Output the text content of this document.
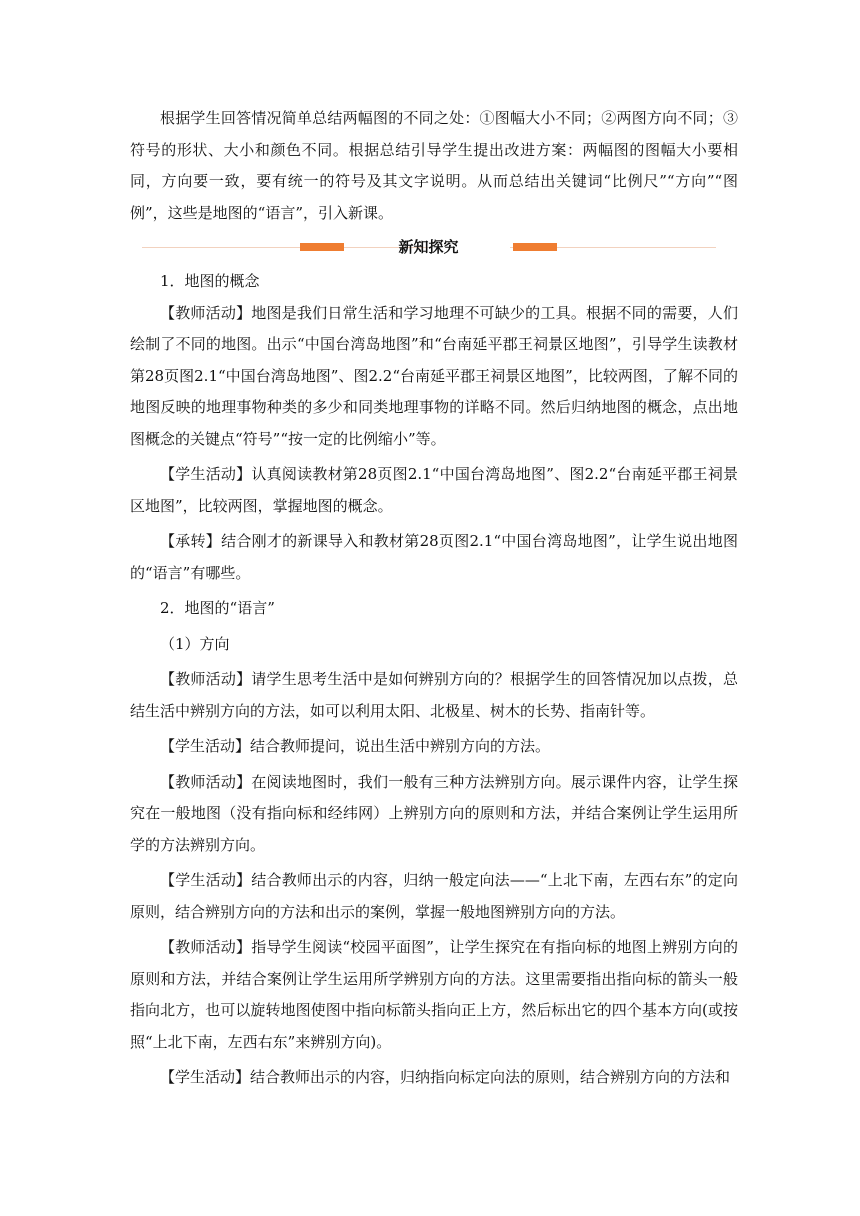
根据学生回答情况简单总结两幅图的不同之处：①图幅大小不同；②两图方向不同；③符号的形状、大小和颜色不同。根据总结引导学生提出改进方案：两幅图的图幅大小要相同，方向要一致，要有统一的符号及其文字说明。从而总结出关键词“比例尺”“方向”“图例”，这些是地图的“语言”，引入新课。

新知探究

1．地图的概念

【教师活动】地图是我们日常生活和学习地理不可缺少的工具。根据不同的需要，人们绘制了不同的地图。出示“中国台湾岛地图”和“台南延平郡王祠景区地图”，引导学生读教材第28页图2.1“中国台湾岛地图”、图2.2“台南延平郡王祠景区地图”，比较两图，了解不同的地图反映的地理事物种类的多少和同类地理事物的详略不同。然后归纳地图的概念，点出地图概念的关键点“符号”“按一定的比例缩小”等。

【学生活动】认真阅读教材第28页图2.1“中国台湾岛地图”、图2.2“台南延平郡王祠景区地图”，比较两图，掌握地图的概念。

【承转】结合刚才的新课导入和教材第28页图2.1“中国台湾岛地图”，让学生说出地图的“语言”有哪些。

2．地图的“语言”

（1）方向

【教师活动】请学生思考生活中是如何辨别方向的？根据学生的回答情况加以点拨，总结生活中辨别方向的方法，如可以利用太阳、北极星、树木的长势、指南针等。

【学生活动】结合教师提问，说出生活中辨别方向的方法。

【教师活动】在阅读地图时，我们一般有三种方法辨别方向。展示课件内容，让学生探究在一般地图（没有指向标和经纬网）上辨别方向的原则和方法，并结合案例让学生运用所学的方法辨别方向。

【学生活动】结合教师出示的内容，归纳一般定向法——“上北下南，左西右东”的定向原则，结合辨别方向的方法和出示的案例，掌握一般地图辨别方向的方法。

【教师活动】指导学生阅读“校园平面图”，让学生探究在有指向标的地图上辨别方向的原则和方法，并结合案例让学生运用所学辨别方向的方法。这里需要指出指向标的箭头一般指向北方，也可以旋转地图使图中指向标箭头指向正上方，然后标出它的四个基本方向(或按照“上北下南，左西右东”来辨别方向)。

【学生活动】结合教师出示的内容，归纳指向标定向法的原则，结合辨别方向的方法和
